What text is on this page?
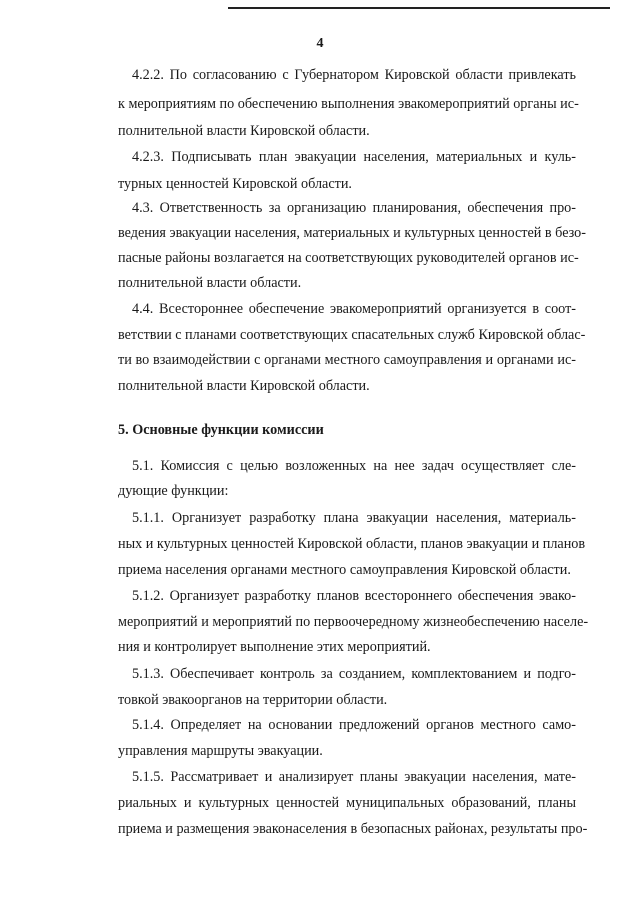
4
4.2.2. По согласованию с Губернатором Кировской области привлекать
к мероприятиям по обеспечению выполнения эвакомероприятий органы ис-
полнительной власти Кировской области.
4.2.3. Подписывать план эвакуации населения, материальных и куль-
турных ценностей Кировской области.
4.3. Ответственность за организацию планирования, обеспечения про-
ведения эвакуации населения, материальных и культурных ценностей в безо-
пасные районы возлагается на соответствующих руководителей органов ис-
полнительной власти области.
4.4. Всестороннее обеспечение эвакомероприятий организуется в соот-
ветствии с планами соответствующих спасательных служб Кировской облас-
ти во взаимодействии с органами местного самоуправления и органами ис-
полнительной власти Кировской области.
5. Основные функции комиссии
5.1. Комиссия с целью возложенных на нее задач осуществляет сле-
дующие функции:
5.1.1. Организует разработку плана эвакуации населения, материаль-
ных и культурных ценностей Кировской области, планов эвакуации и планов
приема населения органами местного самоуправления Кировской области.
5.1.2. Организует разработку планов всестороннего обеспечения эвако-
мероприятий и мероприятий по первоочередному жизнеобеспечению населе-
ния и контролирует выполнение этих мероприятий.
5.1.3. Обеспечивает контроль за созданием, комплектованием и подго-
товкой эвакоорганов на территории области.
5.1.4. Определяет на основании предложений органов местного само-
управления маршруты эвакуации.
5.1.5. Рассматривает и анализирует планы эвакуации населения, мате-
риальных и культурных ценностей муниципальных образований, планы
приема и размещения эваконаселения в безопасных районах, результаты про-
